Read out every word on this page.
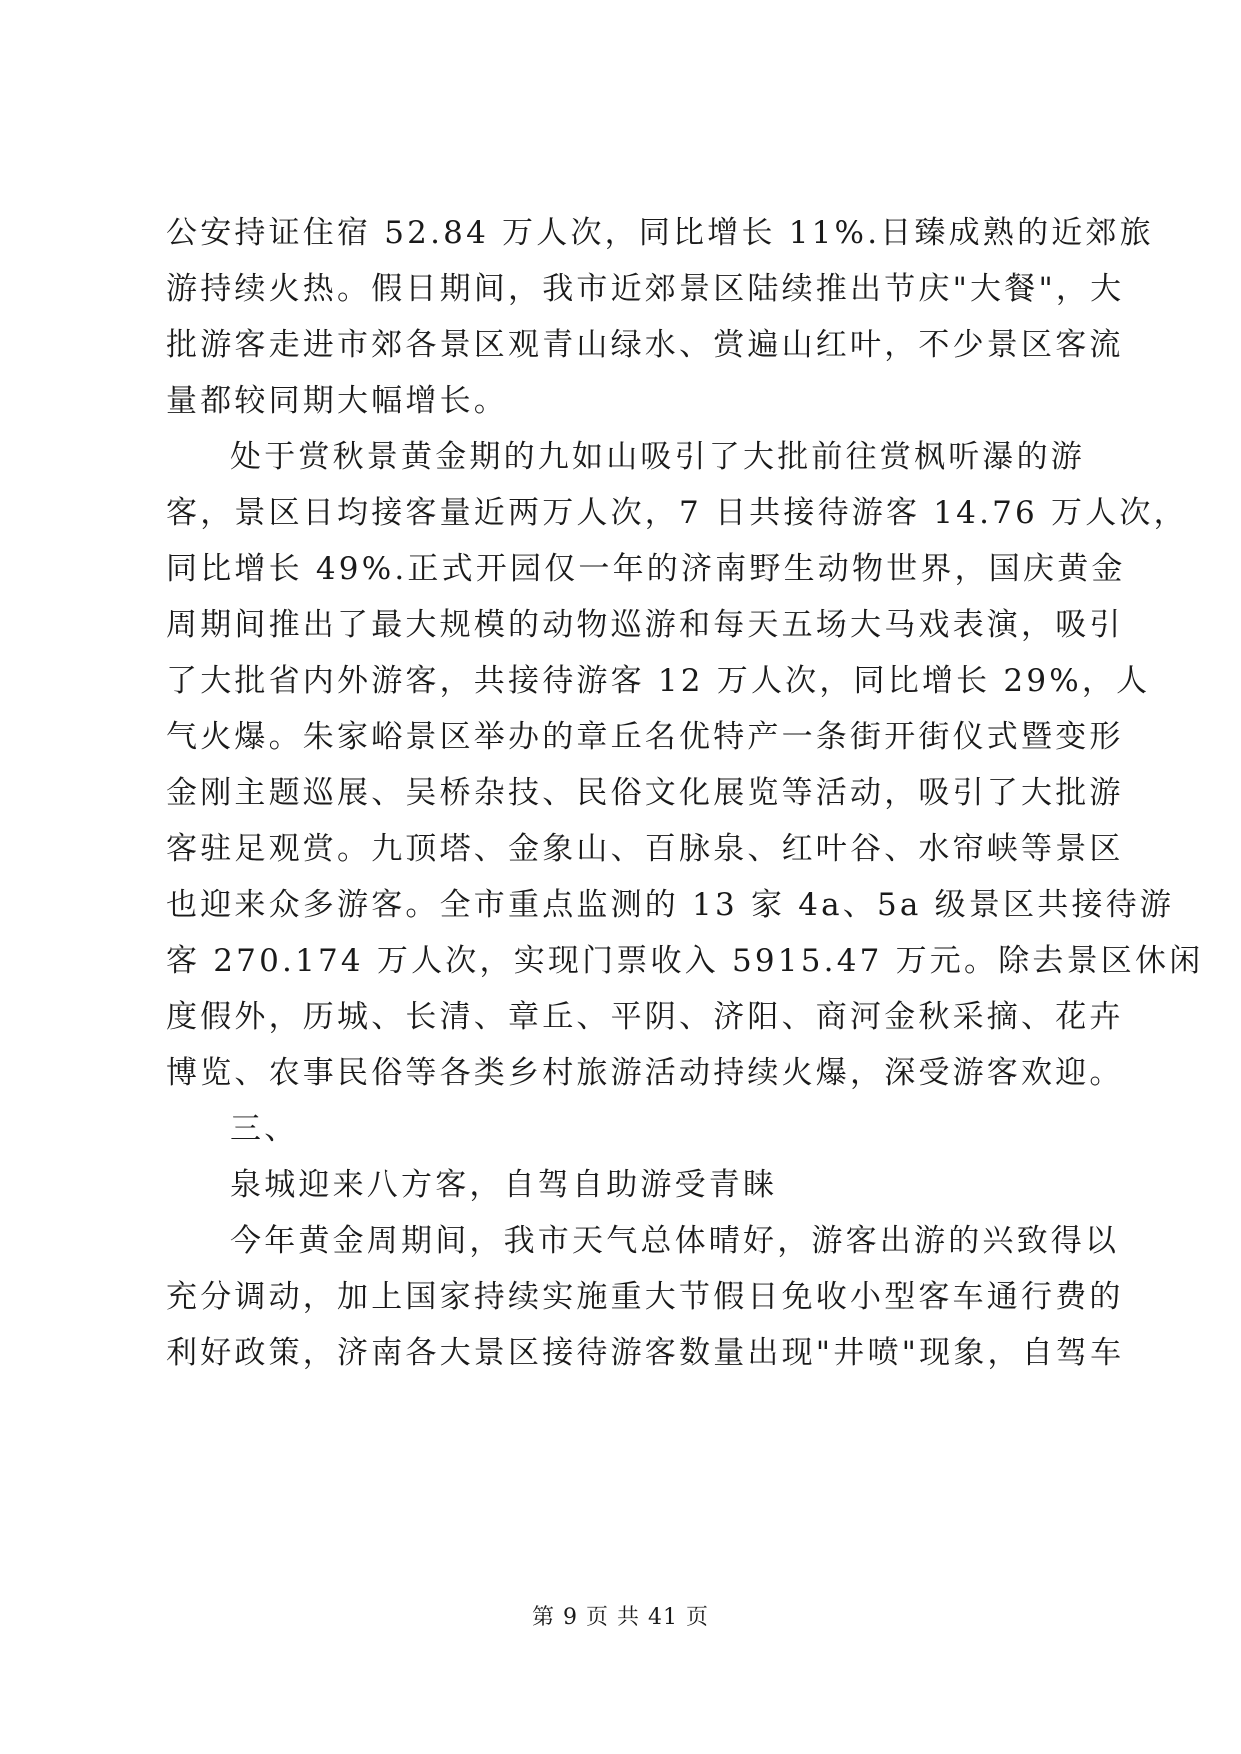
公安持证住宿 52.84 万人次，同比增长 11%.日臻成熟的近郊旅
游持续火热。假日期间，我市近郊景区陆续推出节庆"大餐"，大
批游客走进市郊各景区观青山绿水、赏遍山红叶，不少景区客流
量都较同期大幅增长。
处于赏秋景黄金期的九如山吸引了大批前往赏枫听瀑的游
客，景区日均接客量近两万人次，7 日共接待游客 14.76 万人次，
同比增长 49%.正式开园仅一年的济南野生动物世界，国庆黄金
周期间推出了最大规模的动物巡游和每天五场大马戏表演，吸引
了大批省内外游客，共接待游客 12 万人次，同比增长 29%，人
气火爆。朱家峪景区举办的章丘名优特产一条街开街仪式暨变形
金刚主题巡展、吴桥杂技、民俗文化展览等活动，吸引了大批游
客驻足观赏。九顶塔、金象山、百脉泉、红叶谷、水帘峡等景区
也迎来众多游客。全市重点监测的 13 家 4a、5a 级景区共接待游
客 270.174 万人次，实现门票收入 5915.47 万元。除去景区休闲
度假外，历城、长清、章丘、平阴、济阳、商河金秋采摘、花卉
博览、农事民俗等各类乡村旅游活动持续火爆，深受游客欢迎。
三、
泉城迎来八方客，自驾自助游受青睐
今年黄金周期间，我市天气总体晴好，游客出游的兴致得以
充分调动，加上国家持续实施重大节假日免收小型客车通行费的
利好政策，济南各大景区接待游客数量出现"井喷"现象，自驾车
第 9 页 共 41 页
